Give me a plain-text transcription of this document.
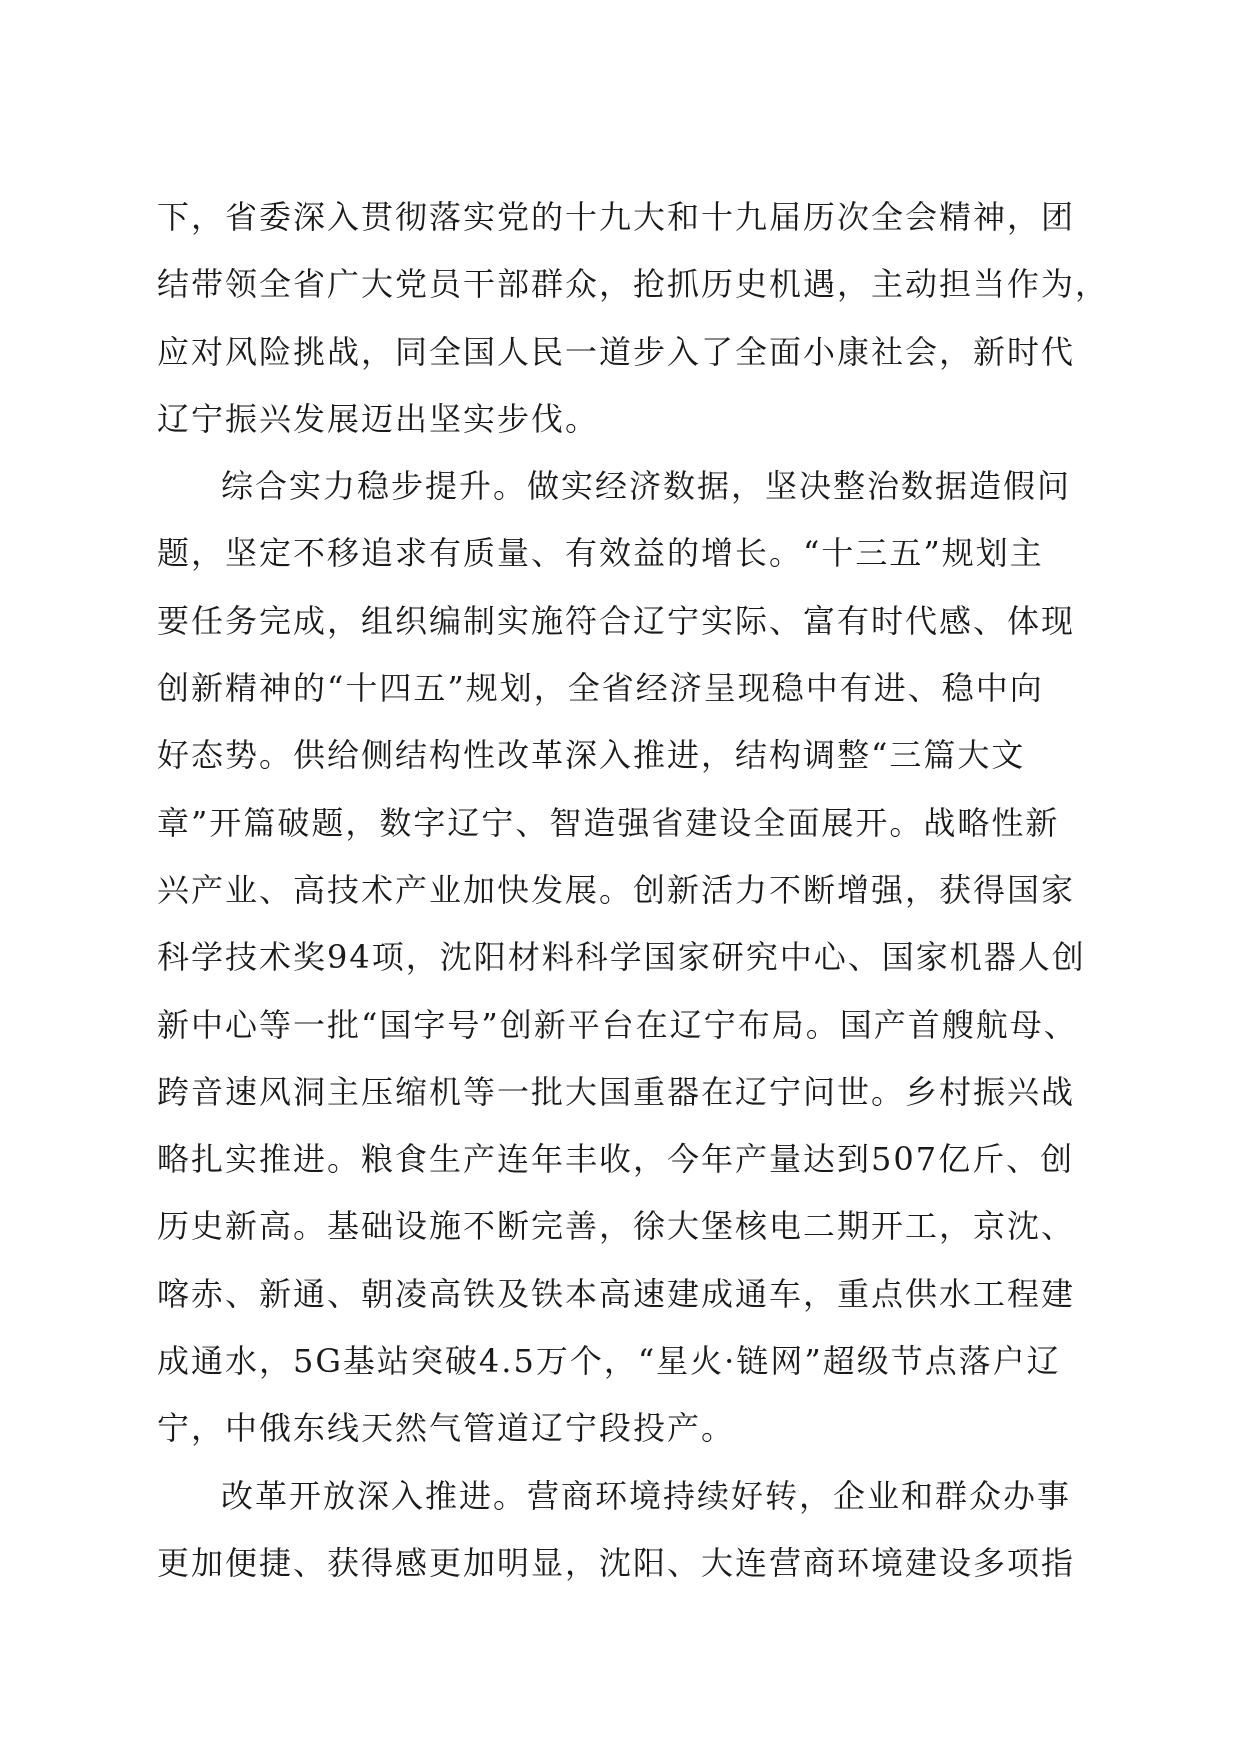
下，省委深入贯彻落实党的十九大和十九届历次全会精神，团
结带领全省广大党员干部群众，抢抓历史机遇，主动担当作为，
应对风险挑战，同全国人民一道步入了全面小康社会，新时代
辽宁振兴发展迈出坚实步伐。
综合实力稳步提升。做实经济数据，坚决整治数据造假问
题，坚定不移追求有质量、有效益的增长。“十三五”规划主
要任务完成，组织编制实施符合辽宁实际、富有时代感、体现
创新精神的“十四五”规划，全省经济呈现稳中有进、稳中向
好态势。供给侧结构性改革深入推进，结构调整“三篇大文
章”开篇破题，数字辽宁、智造强省建设全面展开。战略性新
兴产业、高技术产业加快发展。创新活力不断增强，获得国家
科学技术奖94项，沈阳材料科学国家研究中心、国家机器人创
新中心等一批“国字号”创新平台在辽宁布局。国产首艘航母、
跨音速风洞主压缩机等一批大国重器在辽宁问世。乡村振兴战
略扎实推进。粮食生产连年丰收，今年产量达到507亿斤、创
历史新高。基础设施不断完善，徐大堡核电二期开工，京沈、
喀赤、新通、朝凌高铁及铁本高速建成通车，重点供水工程建
成通水，5G基站突破4.5万个，“星火·链网”超级节点落户辽
宁，中俄东线天然气管道辽宁段投产。
改革开放深入推进。营商环境持续好转，企业和群众办事
更加便捷、获得感更加明显，沈阳、大连营商环境建设多项指
